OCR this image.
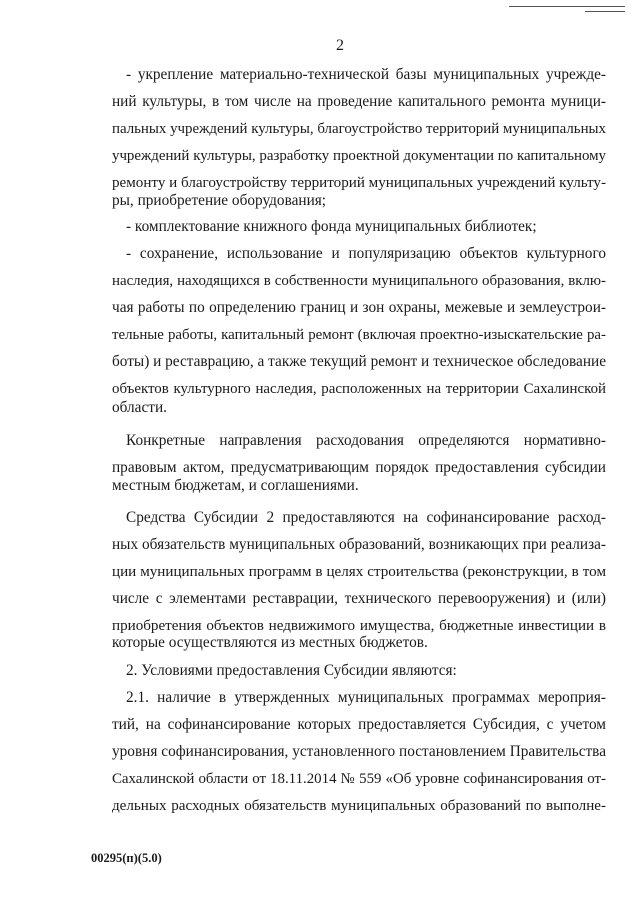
2
- укрепление материально-технической базы муниципальных учрежде-
ний культуры, в том числе на проведение капитального ремонта муници-
пальных учреждений культуры, благоустройство территорий муниципальных
учреждений культуры, разработку проектной документации по капитальному
ремонту и благоустройству территорий муниципальных учреждений культу-
ры, приобретение оборудования;
- комплектование книжного фонда муниципальных библиотек;
- сохранение, использование и популяризацию объектов культурного
наследия, находящихся в собственности муниципального образования, вклю-
чая работы по определению границ и зон охраны, межевые и землеустрои-
тельные работы, капитальный ремонт (включая проектно-изыскательские ра-
боты) и реставрацию, а также текущий ремонт и техническое обследование
объектов культурного наследия, расположенных на территории Сахалинской
области.
Конкретные направления расходования определяются нормативно-
правовым актом, предусматривающим порядок предоставления субсидии
местным бюджетам, и соглашениями.
Средства Субсидии 2 предоставляются на софинансирование расход-
ных обязательств муниципальных образований, возникающих при реализа-
ции муниципальных программ в целях строительства (реконструкции, в том
числе с элементами реставрации, технического перевооружения) и (или)
приобретения объектов недвижимого имущества, бюджетные инвестиции в
которые осуществляются из местных бюджетов.
2. Условиями предоставления Субсидии являются:
2.1. наличие в утвержденных муниципальных программах мероприя-
тий, на софинансирование которых предоставляется Субсидия, с учетом
уровня софинансирования, установленного постановлением Правительства
Сахалинской области от 18.11.2014 № 559 «Об уровне софинансирования от-
дельных расходных обязательств муниципальных образований по выполне-
00295(п)(5.0)
